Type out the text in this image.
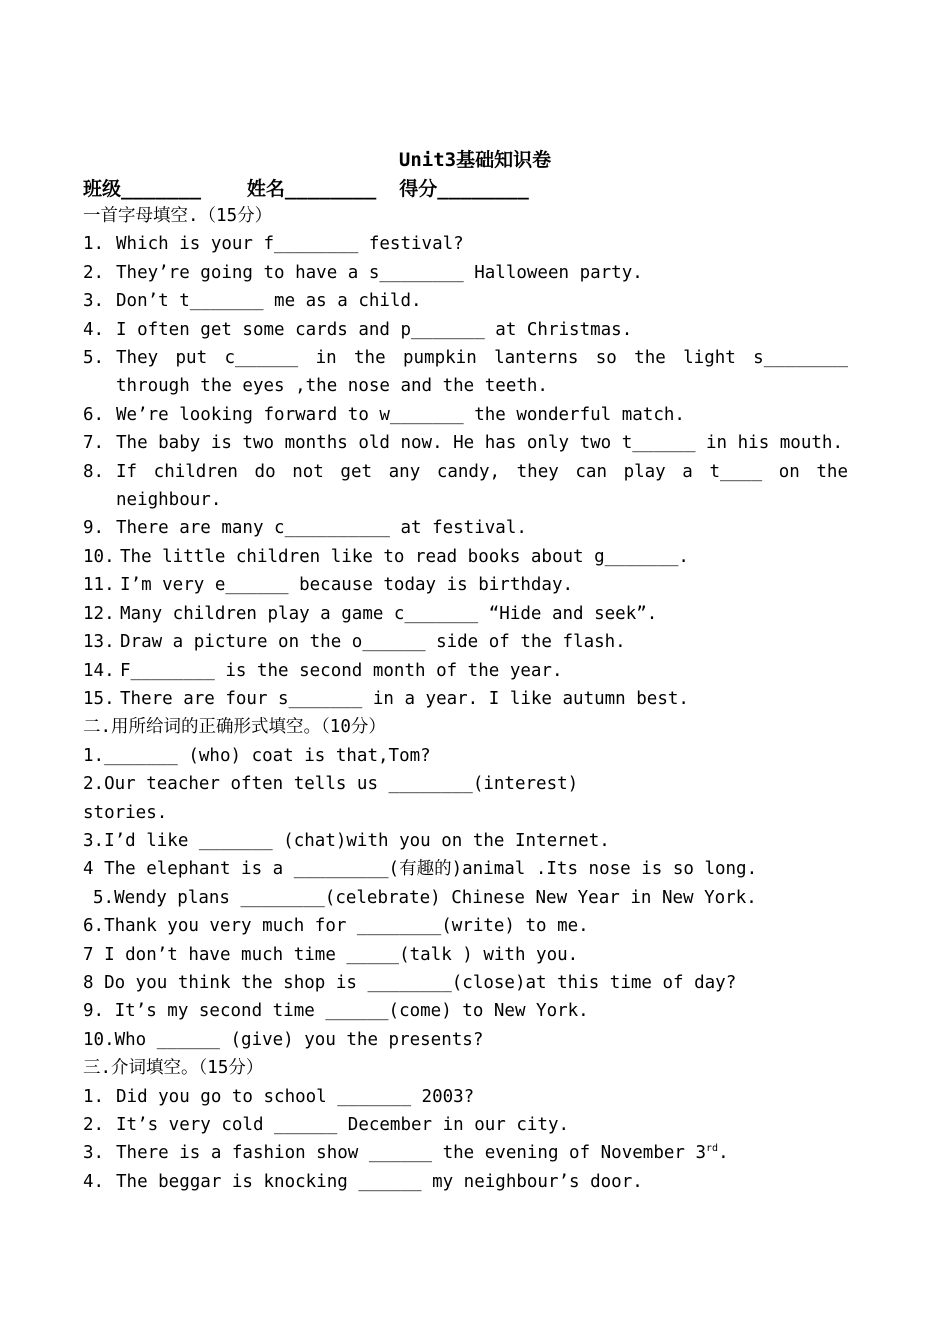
Unit3基础知识卷
班级_______ 姓名________ 得分________
一首字母填空.（15分）
1. Which is your f________ festival?
2. They’re going to have a s________ Halloween party.
3. Don’t t_______ me as a child.
4. I often get some cards and p_______ at Christmas.
5. They put c______ in the pumpkin lanterns so the light s________ through the eyes ,the nose and the teeth.
6. We’re looking forward to w_______ the wonderful match.
7. The baby is two months old now. He has only two t______ in his mouth.
8. If children do not get any candy, they can play a t____ on the neighbour.
9. There are many c__________ at festival.
10. The little children like to read books about g_______.
11. I’m very e______ because today is birthday.
12. Many children play a game c_______ “Hide and seek”.
13. Draw a picture on the o______ side of the flash.
14. F________ is the second month of the year.
15. There are four s_______ in a year. I like autumn best.
二.用所给词的正确形式填空。（10分）
1._______ (who) coat is that,Tom?
2.Our teacher often tells us ________(interest)
stories.
3.I’d like _______ (chat)with you on the Internet.
4 The elephant is a _________(有趣的)animal .Its nose is so long.
5.Wendy plans ________(celebrate) Chinese New Year in New York.
6.Thank you very much for ________(write) to me.
7 I don’t have much time _____(talk ) with you.
8 Do you think the shop is ________(close)at this time of day?
9. It’s my second time ______(come) to New York.
10.Who ______ (give) you the presents?
三.介词填空。（15分）
1. Did you go to school _______ 2003?
2. It’s very cold ______ December in our city.
3. There is a fashion show ______ the evening of November 3rd.
4. The beggar is knocking ______ my neighbour’s door.
